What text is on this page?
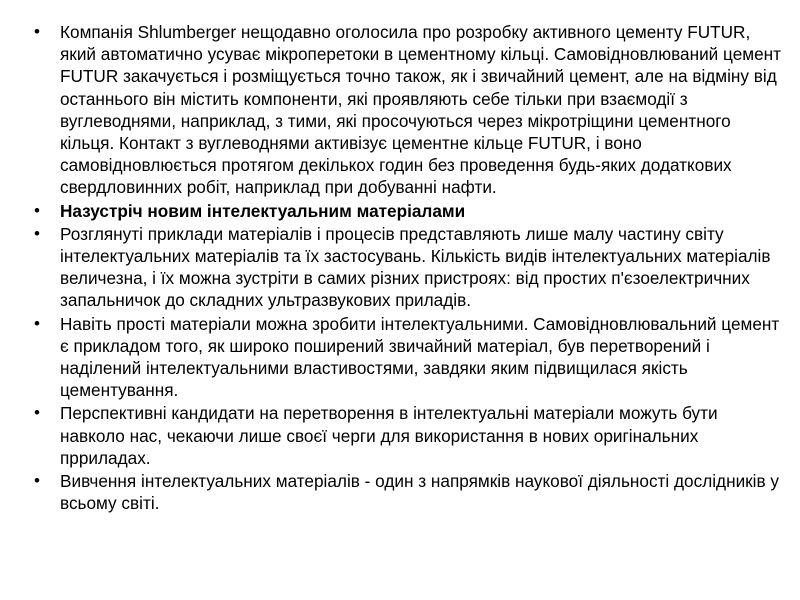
• Компанія Shlumberger нещодавно оголосила про розробку активного цементу FUTUR, який автоматично усуває мікроперетоки в цементному кільці. Самовідновлюваний цемент FUTUR закачується і розміщується точно також, як і звичайний цемент, але на відміну від останнього він містить компоненти, які проявляють себе тільки при взаємодії з вуглеводнями, наприклад, з тими, які просочуються через мікротріщини цементного кільця. Контакт з вуглеводнями активізує цементне кільце FUTUR, і воно самовідновлюється протягом декількох годин без проведення будь-яких додаткових свердловинних робіт, наприклад при добуванні нафти.
• Назустріч новим інтелектуальним матеріалами
• Розглянуті приклади матеріалів і процесів представляють лише малу частину світу інтелектуальних матеріалів та їх застосувань. Кількість видів інтелектуальних матеріалів величезна, і їх можна зустріти в самих різних пристроях: від простих п'єзоелектричних запальничок до складних ультразвукових приладів.
• Навіть прості матеріали можна зробити інтелектуальними. Самовідновлювальний цемент є прикладом того, як широко поширений звичайний матеріал, був перетворений і наділений інтелектуальними властивостями, завдяки яким підвищилася якість цементування.
• Перспективні кандидати на перетворення в інтелектуальні матеріали можуть бути навколо нас, чекаючи лише своєї черги для використання в нових оригінальних прриладах.
• Вивчення інтелектуальних матеріалів - один з напрямків наукової діяльності дослідників у всьому світі.
